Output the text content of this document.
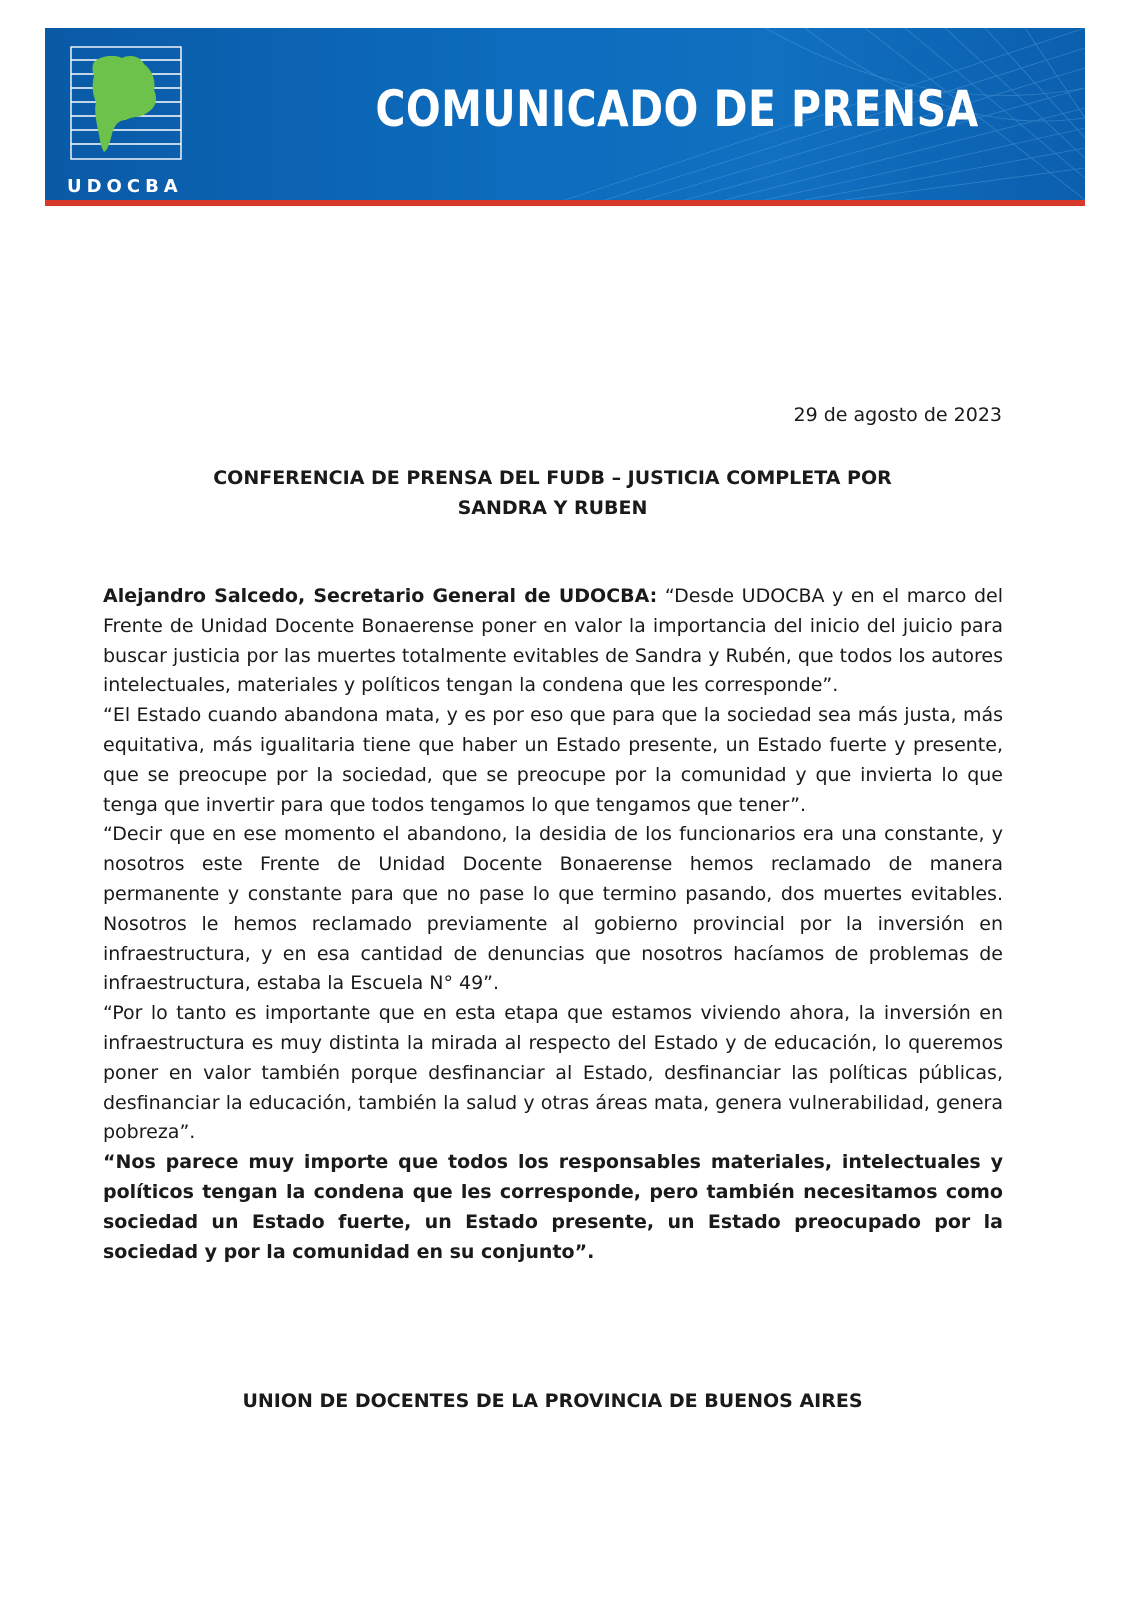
UDOCBA
COMUNICADO DE PRENSA
29 de agosto de 2023
CONFERENCIA DE PRENSA DEL FUDB – JUSTICIA COMPLETA POR
SANDRA Y RUBEN

Alejandro Salcedo, Secretario General de UDOCBA: “Desde UDOCBA y en el marco del Frente de Unidad Docente Bonaerense poner en valor la importancia del inicio del juicio para buscar justicia por las muertes totalmente evitables de Sandra y Rubén, que todos los autores intelectuales, materiales y políticos tengan la condena que les corresponde”.

“El Estado cuando abandona mata, y es por eso que para que la sociedad sea más justa, más equitativa, más igualitaria tiene que haber un Estado presente, un Estado fuerte y presente, que se preocupe por la sociedad, que se preocupe por la comunidad y que invierta lo que tenga que invertir para que todos tengamos lo que tengamos que tener”.

“Decir que en ese momento el abandono, la desidia de los funcionarios era una constante, y nosotros este Frente de Unidad Docente Bonaerense hemos reclamado de manera permanente y constante para que no pase lo que termino pasando, dos muertes evitables. Nosotros le hemos reclamado previamente al gobierno provincial por la inversión en infraestructura, y en esa cantidad de denuncias que nosotros hacíamos de problemas de infraestructura, estaba la Escuela N° 49”.

“Por lo tanto es importante que en esta etapa que estamos viviendo ahora, la inversión en infraestructura es muy distinta la mirada al respecto del Estado y de educación, lo queremos poner en valor también porque desfinanciar al Estado, desfinanciar las políticas públicas, desfinanciar la educación, también la salud y otras áreas mata, genera vulnerabilidad, genera pobreza”.

“Nos parece muy importe que todos los responsables materiales, intelectuales y políticos tengan la condena que les corresponde, pero también necesitamos como sociedad un Estado fuerte, un Estado presente, un Estado preocupado por la sociedad y por la comunidad en su conjunto”.

UNION DE DOCENTES DE LA PROVINCIA DE BUENOS AIRES
